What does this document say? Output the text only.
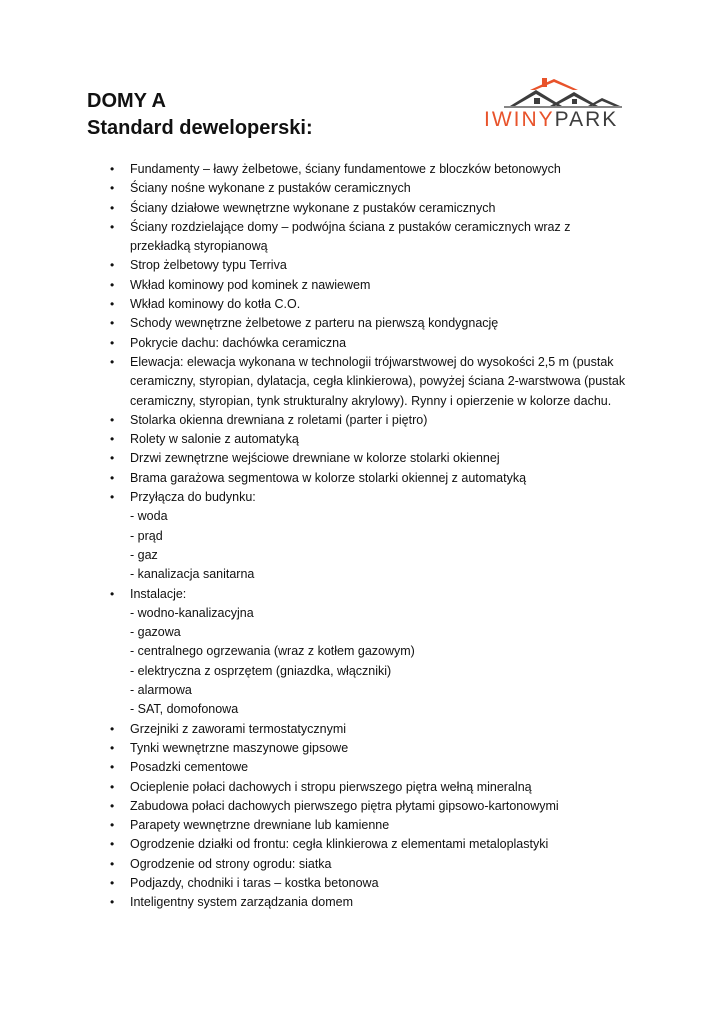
DOMY A
Standard deweloperski:	IWINYPARK
• Fundamenty – ławy żelbetowe, ściany fundamentowe z bloczków betonowych
• Ściany nośne wykonane z pustaków ceramicznych
• Ściany działowe wewnętrzne wykonane z pustaków ceramicznych
• Ściany rozdzielające domy – podwójna ściana z pustaków ceramicznych wraz z przekładką styropianową
• Strop żelbetowy typu Terriva
• Wkład kominowy pod kominek z nawiewem
• Wkład kominowy do kotła C.O.
• Schody wewnętrzne żelbetowe z parteru na pierwszą kondygnację
• Pokrycie dachu: dachówka ceramiczna
• Elewacja: elewacja wykonana w technologii trójwarstwowej do wysokości 2,5 m (pustak ceramiczny, styropian, dylatacja, cegła klinkierowa), powyżej ściana 2-warstwowa (pustak ceramiczny, styropian, tynk strukturalny akrylowy). Rynny i opierzenie w kolorze dachu.
• Stolarka okienna drewniana z roletami (parter i piętro)
• Rolety w salonie z automatyką
• Drzwi zewnętrzne wejściowe drewniane w kolorze stolarki okiennej
• Brama garażowa segmentowa w kolorze stolarki okiennej z automatyką
• Przyłącza do budynku:
- woda
- prąd
- gaz
- kanalizacja sanitarna
• Instalacje:
- wodno-kanalizacyjna
- gazowa
- centralnego ogrzewania (wraz z kotłem gazowym)
- elektryczna z osprzętem (gniazdka, włączniki)
- alarmowa
- SAT, domofonowa
• Grzejniki z zaworami termostatycznymi
• Tynki wewnętrzne maszynowe gipsowe
• Posadzki cementowe
• Ocieplenie połaci dachowych i stropu pierwszego piętra wełną mineralną
• Zabudowa połaci dachowych pierwszego piętra płytami gipsowo-kartonowymi
• Parapety wewnętrzne drewniane lub kamienne
• Ogrodzenie działki od frontu: cegła klinkierowa z elementami metaloplastyki
• Ogrodzenie od strony ogrodu: siatka
• Podjazdy, chodniki i taras – kostka betonowa
• Inteligentny system zarządzania domem
